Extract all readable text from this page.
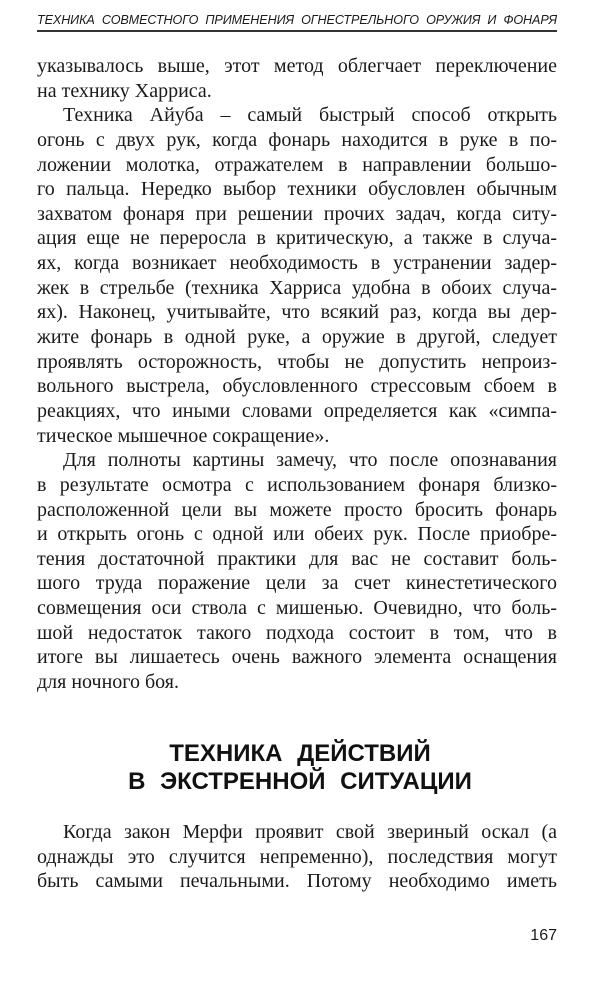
ТЕХНИКА СОВМЕСТНОГО ПРИМЕНЕНИЯ ОГНЕСТРЕЛЬНОГО ОРУЖИЯ И ФОНАРЯ
указывалось выше, этот метод облегчает переключение
на технику Харриса.
Техника Айуба – самый быстрый способ открыть
огонь с двух рук, когда фонарь находится в руке в по-
ложении молотка, отражателем в направлении большо-
го пальца. Нередко выбор техники обусловлен обычным
захватом фонаря при решении прочих задач, когда ситу-
ация еще не переросла в критическую, а также в случа-
ях, когда возникает необходимость в устранении задер-
жек в стрельбе (техника Харриса удобна в обоих случа-
ях). Наконец, учитывайте, что всякий раз, когда вы дер-
жите фонарь в одной руке, а оружие в другой, следует
проявлять осторожность, чтобы не допустить непроиз-
вольного выстрела, обусловленного стрессовым сбоем в
реакциях, что иными словами определяется как «симпа-
тическое мышечное сокращение».
Для полноты картины замечу, что после опознавания
в результате осмотра с использованием фонаря близко-
расположенной цели вы можете просто бросить фонарь
и открыть огонь с одной или обеих рук. После приобре-
тения достаточной практики для вас не составит боль-
шого труда поражение цели за счет кинестетического
совмещения оси ствола с мишенью. Очевидно, что боль-
шой недостаток такого подхода состоит в том, что в
итоге вы лишаетесь очень важного элемента оснащения
для ночного боя.
ТЕХНИКА ДЕЙСТВИЙ
В ЭКСТРЕННОЙ СИТУАЦИИ
Когда закон Мерфи проявит свой звериный оскал (а
однажды это случится непременно), последствия могут
быть самыми печальными. Потому необходимо иметь
167
